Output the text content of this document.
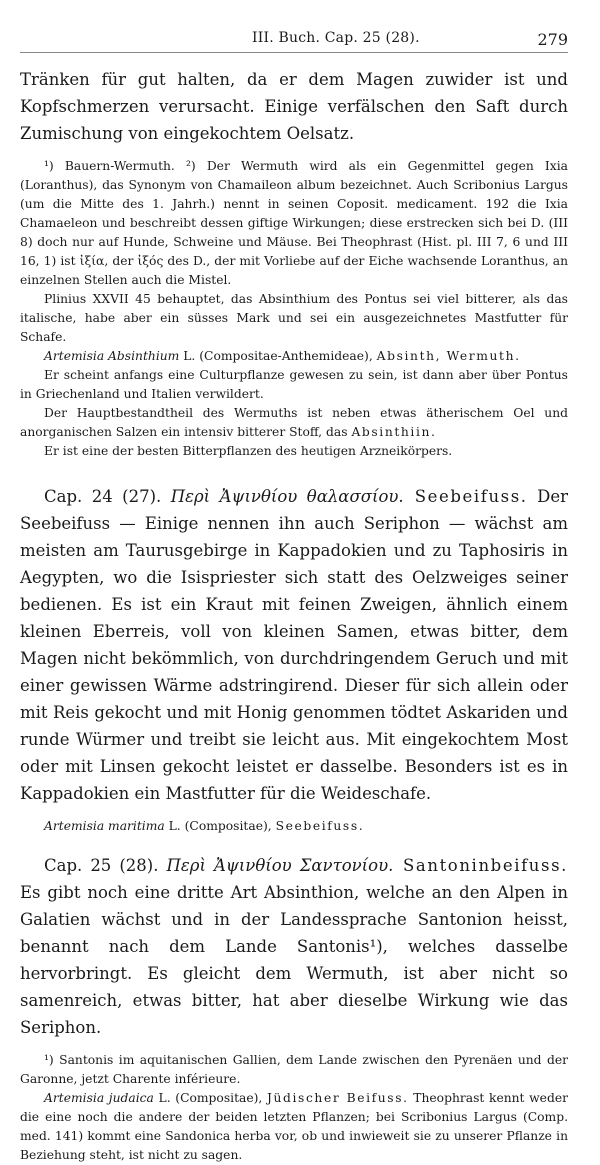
III. Buch. Cap. 25 (28).	279

Tränken für gut halten, da er dem Magen zuwider ist und Kopfschmerzen verursacht. Einige verfälschen den Saft durch Zumischung von eingekochtem Oelsatz.

¹) Bauern-Wermuth. ²) Der Wermuth wird als ein Gegenmittel gegen Ixia (Loranthus), das Synonym von Chamaileon album bezeichnet. Auch Scribonius Largus (um die Mitte des 1. Jahrh.) nennt in seinen Coposit. medicament. 192 die Ixia Chamaeleon und beschreibt dessen giftige Wirkungen; diese erstrecken sich bei D. (III 8) doch nur auf Hunde, Schweine und Mäuse. Bei Theophrast (Hist. pl. III 7, 6 und III 16, 1) ist ἰξία, der ἰξός des D., der mit Vorliebe auf der Eiche wachsende Loranthus, an einzelnen Stellen auch die Mistel.

Plinius XXVII 45 behauptet, das Absinthium des Pontus sei viel bitterer, als das italische, habe aber ein süsses Mark und sei ein ausgezeichnetes Mastfutter für Schafe.

Artemisia Absinthium L. (Compositae-Anthemideae), Absinth, Wermuth.

Er scheint anfangs eine Culturpflanze gewesen zu sein, ist dann aber über Pontus in Griechenland und Italien verwildert.

Der Hauptbestandtheil des Wermuths ist neben etwas ätherischem Oel und anorganischen Salzen ein intensiv bitterer Stoff, das Absinthiin.

Er ist eine der besten Bitterpflanzen des heutigen Arzneikörpers.

Cap. 24 (27). Περὶ Ἀψινθίου θαλασσίου. Seebeifuss. Der Seebeifuss — Einige nennen ihn auch Seriphon — wächst am meisten am Taurusgebirge in Kappadokien und zu Taphosiris in Aegypten, wo die Isispriester sich statt des Oelzweiges seiner bedienen. Es ist ein Kraut mit feinen Zweigen, ähnlich einem kleinen Eberreis, voll von kleinen Samen, etwas bitter, dem Magen nicht bekömmlich, von durchdringendem Geruch und mit einer gewissen Wärme adstringirend. Dieser für sich allein oder mit Reis gekocht und mit Honig genommen tödtet Askariden und runde Würmer und treibt sie leicht aus. Mit eingekochtem Most oder mit Linsen gekocht leistet er dasselbe. Besonders ist es in Kappadokien ein Mastfutter für die Weideschafe.

Artemisia maritima L. (Compositae), Seebeifuss.

Cap. 25 (28). Περὶ Ἀψινθίου Σαντονίου. Santoninbeifuss. Es gibt noch eine dritte Art Absinthion, welche an den Alpen in Galatien wächst und in der Landessprache Santonion heisst, benannt nach dem Lande Santonis¹), welches dasselbe hervorbringt. Es gleicht dem Wermuth, ist aber nicht so samenreich, etwas bitter, hat aber dieselbe Wirkung wie das Seriphon.

¹) Santonis im aquitanischen Gallien, dem Lande zwischen den Pyrenäen und der Garonne, jetzt Charente inférieure.

Artemisia judaica L. (Compositae), Jüdischer Beifuss. Theophrast kennt weder die eine noch die andere der beiden letzten Pflanzen; bei Scribonius Largus (Comp. med. 141) kommt eine Sandonica herba vor, ob und inwieweit sie zu unserer Pflanze in Beziehung steht, ist nicht zu sagen.
